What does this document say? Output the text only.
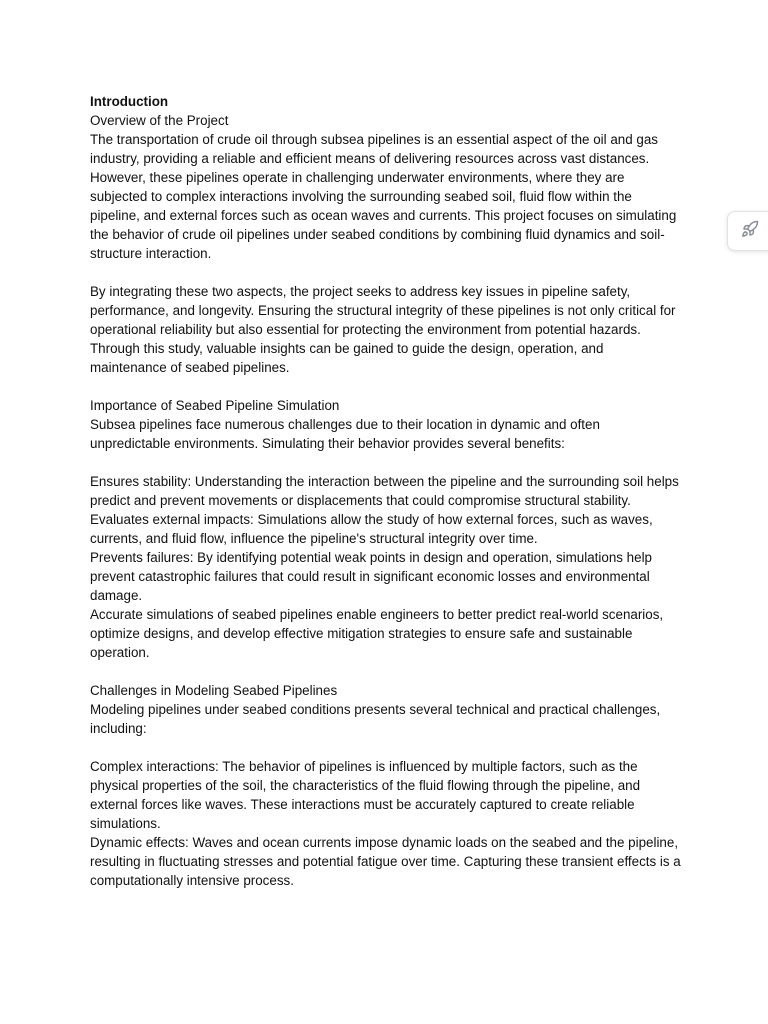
Introduction

Overview of the Project

The transportation of crude oil through subsea pipelines is an essential aspect of the oil and gas industry, providing a reliable and efficient means of delivering resources across vast distances. However, these pipelines operate in challenging underwater environments, where they are subjected to complex interactions involving the surrounding seabed soil, fluid flow within the pipeline, and external forces such as ocean waves and currents. This project focuses on simulating the behavior of crude oil pipelines under seabed conditions by combining fluid dynamics and soil-structure interaction.

By integrating these two aspects, the project seeks to address key issues in pipeline safety, performance, and longevity. Ensuring the structural integrity of these pipelines is not only critical for operational reliability but also essential for protecting the environment from potential hazards. Through this study, valuable insights can be gained to guide the design, operation, and maintenance of seabed pipelines.

Importance of Seabed Pipeline Simulation

Subsea pipelines face numerous challenges due to their location in dynamic and often unpredictable environments. Simulating their behavior provides several benefits:

Ensures stability: Understanding the interaction between the pipeline and the surrounding soil helps predict and prevent movements or displacements that could compromise structural stability.

Evaluates external impacts: Simulations allow the study of how external forces, such as waves, currents, and fluid flow, influence the pipeline's structural integrity over time.

Prevents failures: By identifying potential weak points in design and operation, simulations help prevent catastrophic failures that could result in significant economic losses and environmental damage.

Accurate simulations of seabed pipelines enable engineers to better predict real-world scenarios, optimize designs, and develop effective mitigation strategies to ensure safe and sustainable operation.

Challenges in Modeling Seabed Pipelines

Modeling pipelines under seabed conditions presents several technical and practical challenges, including:

Complex interactions: The behavior of pipelines is influenced by multiple factors, such as the physical properties of the soil, the characteristics of the fluid flowing through the pipeline, and external forces like waves. These interactions must be accurately captured to create reliable simulations.

Dynamic effects: Waves and ocean currents impose dynamic loads on the seabed and the pipeline, resulting in fluctuating stresses and potential fatigue over time. Capturing these transient effects is a computationally intensive process.
